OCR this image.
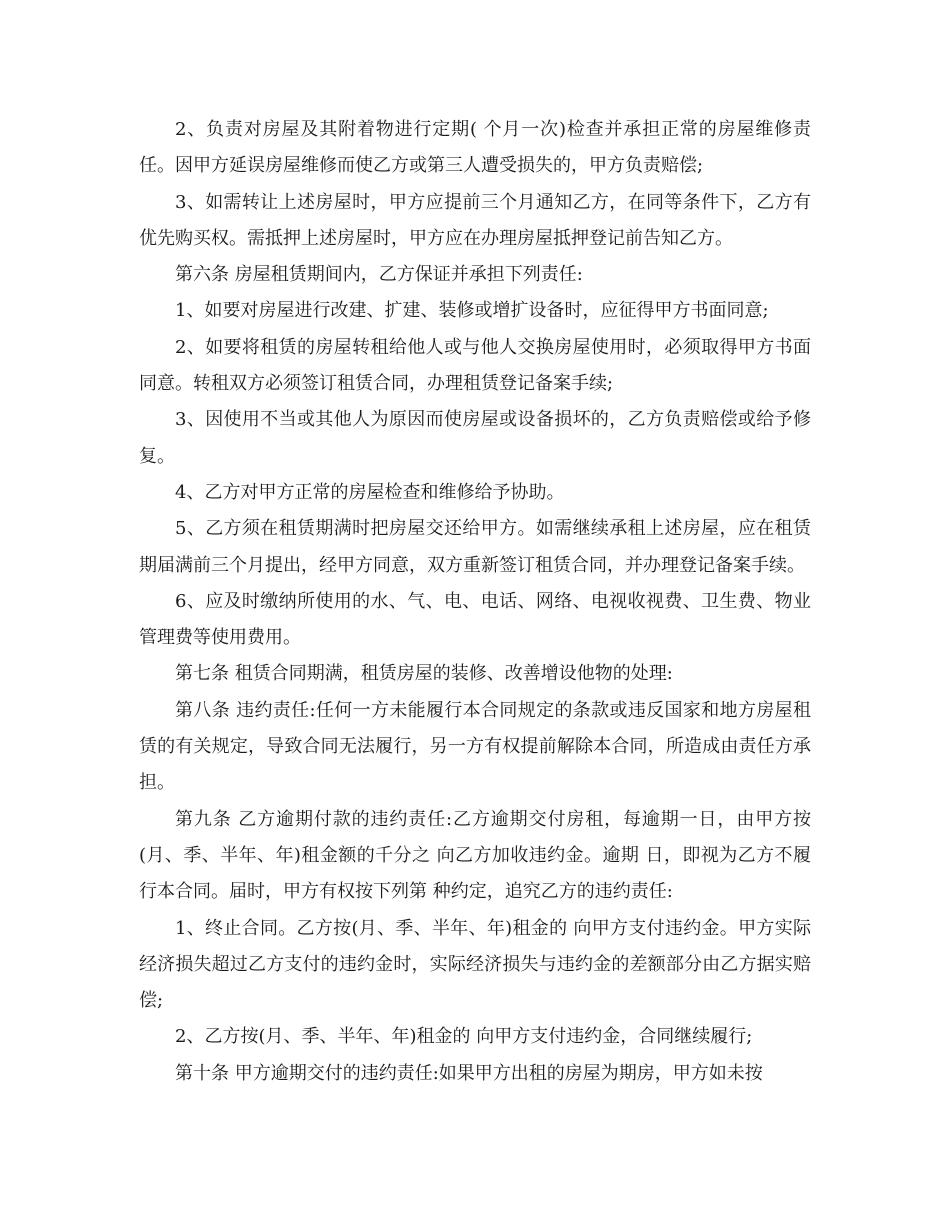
2、负责对房屋及其附着物进行定期( 个月一次)检查并承担正常的房屋维修责任。因甲方延误房屋维修而使乙方或第三人遭受损失的，甲方负责赔偿;

3、如需转让上述房屋时，甲方应提前三个月通知乙方，在同等条件下，乙方有优先购买权。需抵押上述房屋时，甲方应在办理房屋抵押登记前告知乙方。

第六条 房屋租赁期间内，乙方保证并承担下列责任:

1、如要对房屋进行改建、扩建、装修或增扩设备时，应征得甲方书面同意;

2、如要将租赁的房屋转租给他人或与他人交换房屋使用时，必须取得甲方书面同意。转租双方必须签订租赁合同，办理租赁登记备案手续;

3、因使用不当或其他人为原因而使房屋或设备损坏的，乙方负责赔偿或给予修复。

4、乙方对甲方正常的房屋检查和维修给予协助。

5、乙方须在租赁期满时把房屋交还给甲方。如需继续承租上述房屋，应在租赁期届满前三个月提出，经甲方同意，双方重新签订租赁合同，并办理登记备案手续。

6、应及时缴纳所使用的水、气、电、电话、网络、电视收视费、卫生费、物业管理费等使用费用。

第七条 租赁合同期满，租赁房屋的装修、改善增设他物的处理:

第八条 违约责任:任何一方未能履行本合同规定的条款或违反国家和地方房屋租赁的有关规定，导致合同无法履行，另一方有权提前解除本合同，所造成由责任方承担。

第九条 乙方逾期付款的违约责任:乙方逾期交付房租，每逾期一日，由甲方按(月、季、半年、年)租金额的千分之 向乙方加收违约金。逾期 日，即视为乙方不履行本合同。届时，甲方有权按下列第 种约定，追究乙方的违约责任:

1、终止合同。乙方按(月、季、半年、年)租金的 向甲方支付违约金。甲方实际经济损失超过乙方支付的违约金时，实际经济损失与违约金的差额部分由乙方据实赔偿;

2、乙方按(月、季、半年、年)租金的 向甲方支付违约金，合同继续履行;

第十条 甲方逾期交付的违约责任:如果甲方出租的房屋为期房，甲方如未按
